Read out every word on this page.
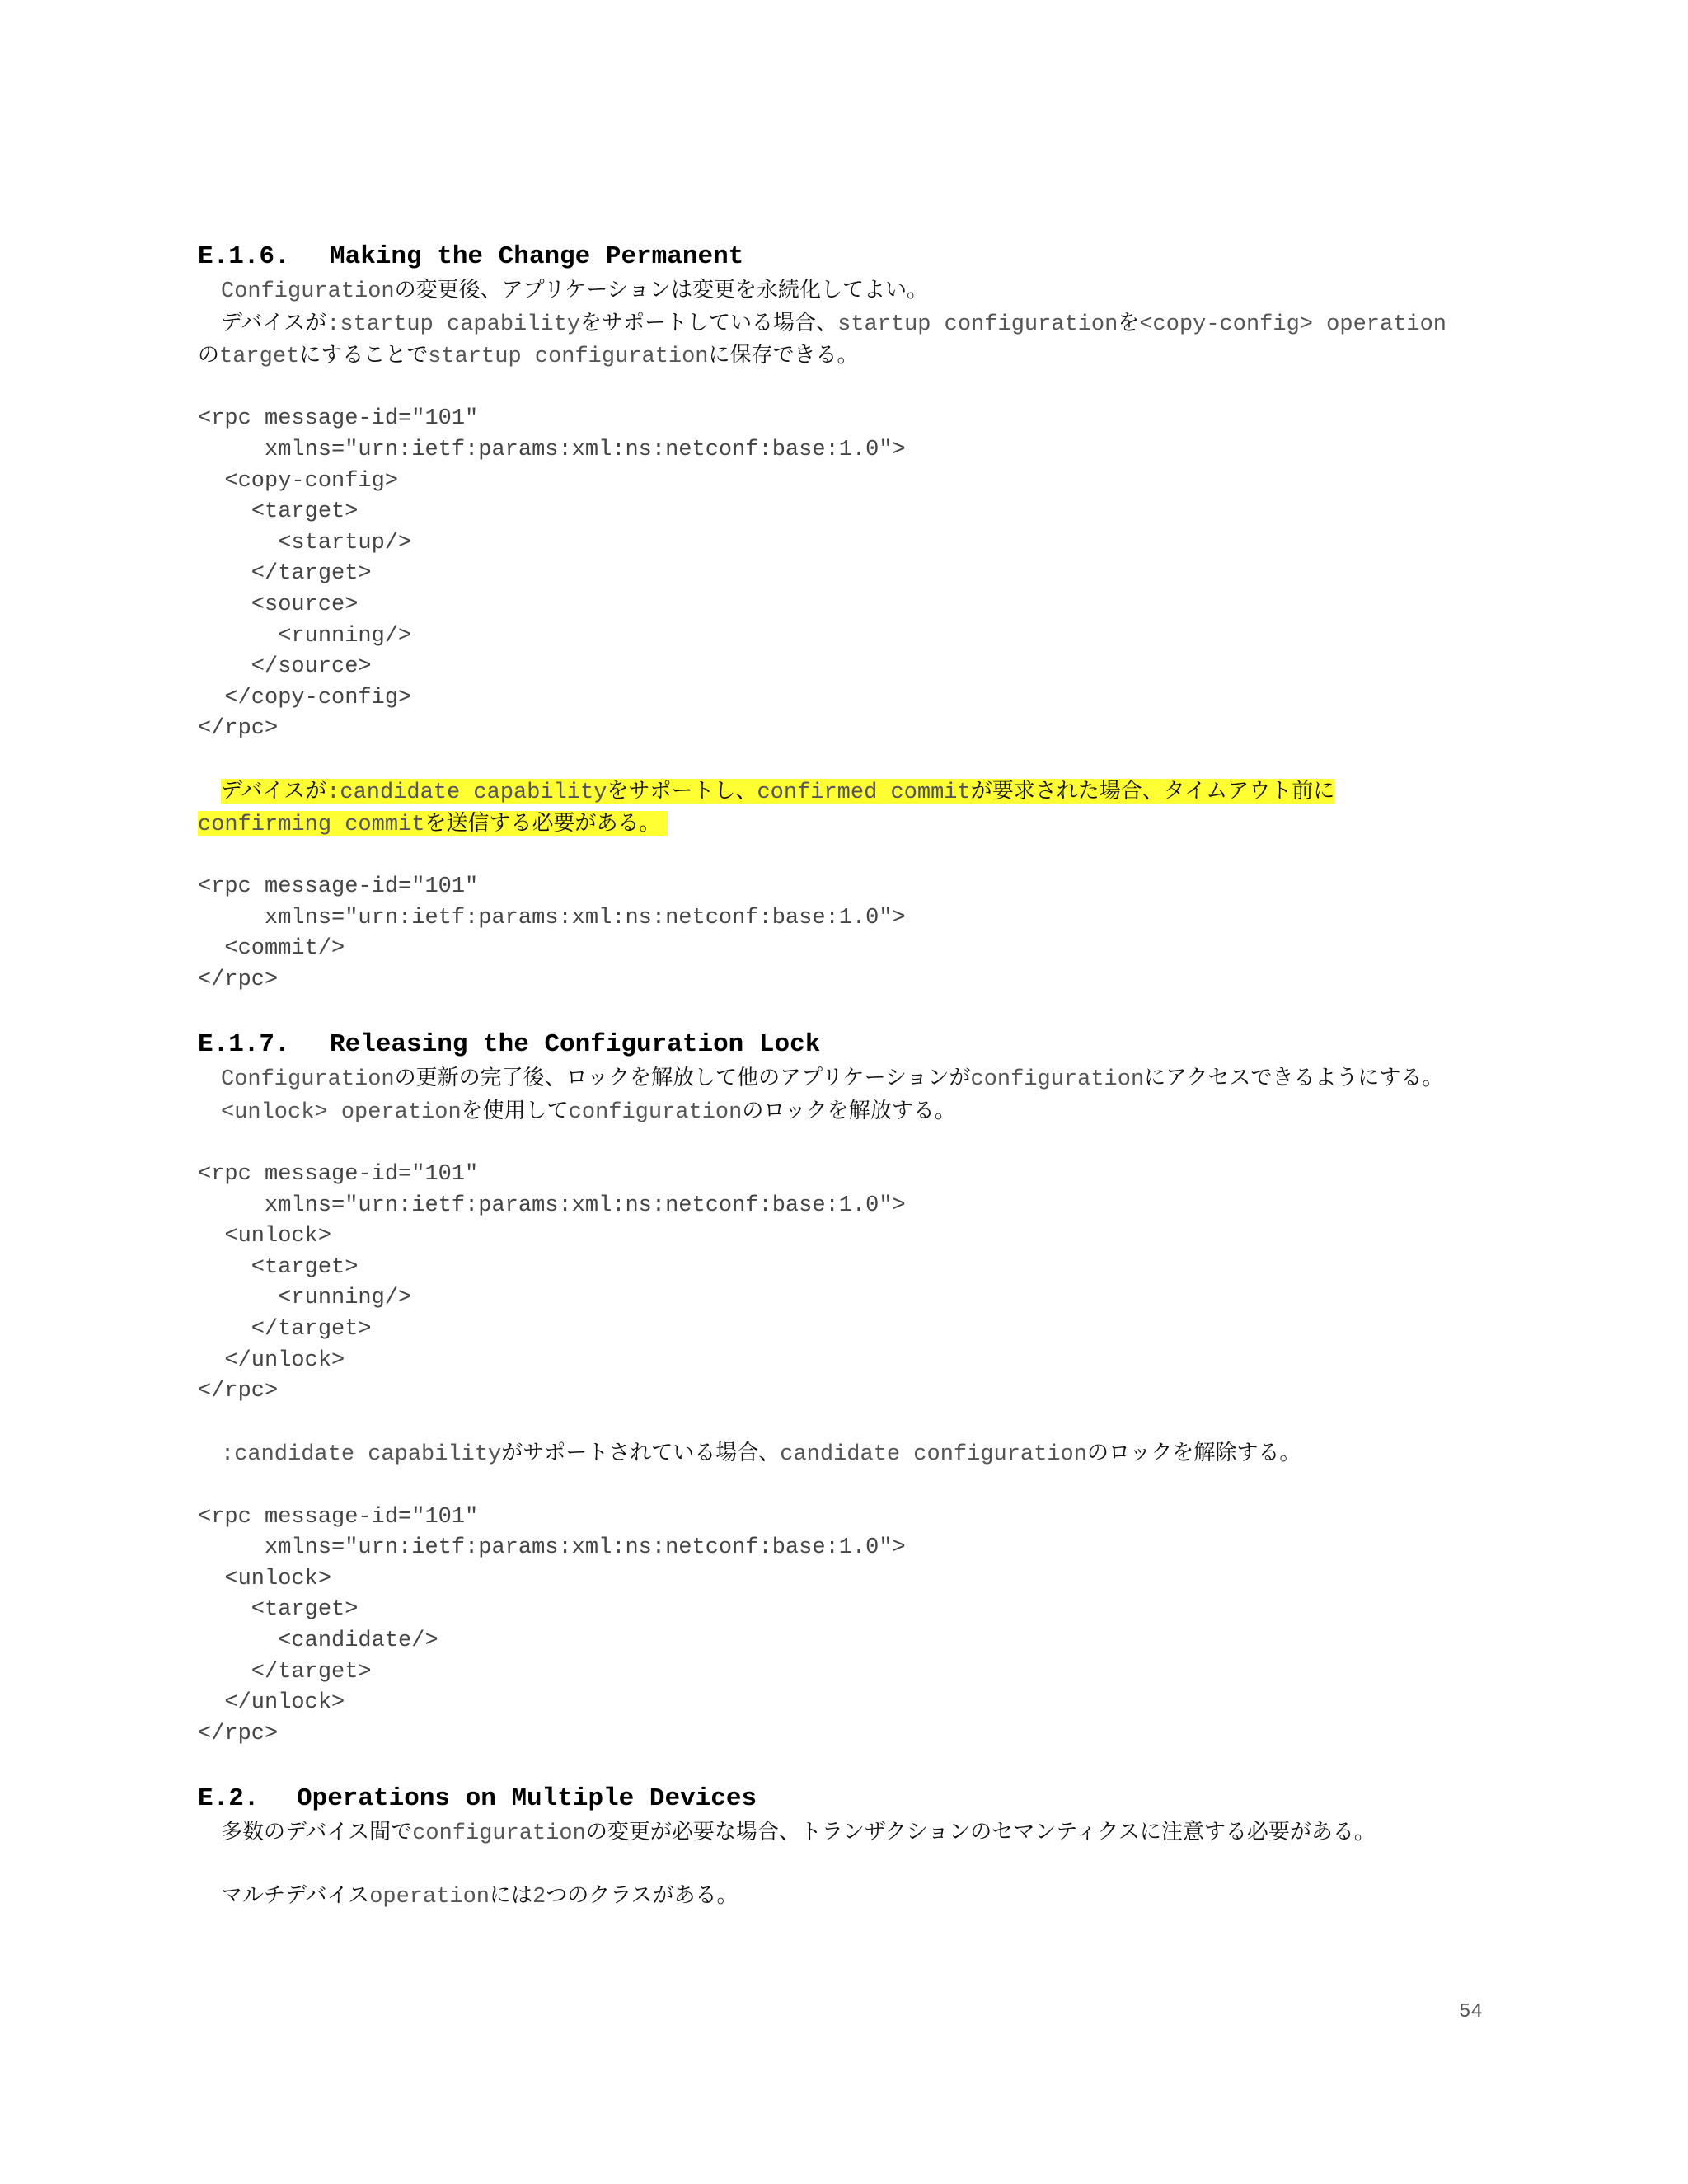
E.1.6. Making the Change Permanent
Configurationの変更後、アプリケーションは変更を永続化してよい。
デバイスが:startup capabilityをサポートしている場合、startup configurationを<copy-config> operation
のtargetにすることでstartup configurationに保存できる。
<rpc message-id="101"
xmlns="urn:ietf:params:xml:ns:netconf:base:1.0">
<copy-config>
<target>
<startup/>
</target>
<source>
<running/>
</source>
</copy-config>
</rpc>
デバイスが:candidate capabilityをサポートし、confirmed commitが要求された場合、タイムアウト前に
confirming commitを送信する必要がある。
<rpc message-id="101"
xmlns="urn:ietf:params:xml:ns:netconf:base:1.0">
<commit/>
</rpc>
E.1.7. Releasing the Configuration Lock
Configurationの更新の完了後、ロックを解放して他のアプリケーションがconfigurationにアクセスできるようにする。
<unlock> operationを使用してconfigurationのロックを解放する。
<rpc message-id="101"
xmlns="urn:ietf:params:xml:ns:netconf:base:1.0">
<unlock>
<target>
<running/>
</target>
</unlock>
</rpc>
:candidate capabilityがサポートされている場合、candidate configurationのロックを解除する。
<rpc message-id="101"
xmlns="urn:ietf:params:xml:ns:netconf:base:1.0">
<unlock>
<target>
<candidate/>
</target>
</unlock>
</rpc>
E.2. Operations on Multiple Devices
多数のデバイス間でconfigurationの変更が必要な場合、トランザクションのセマンティクスに注意する必要がある。
マルチデバイスoperationには2つのクラスがある。
54
